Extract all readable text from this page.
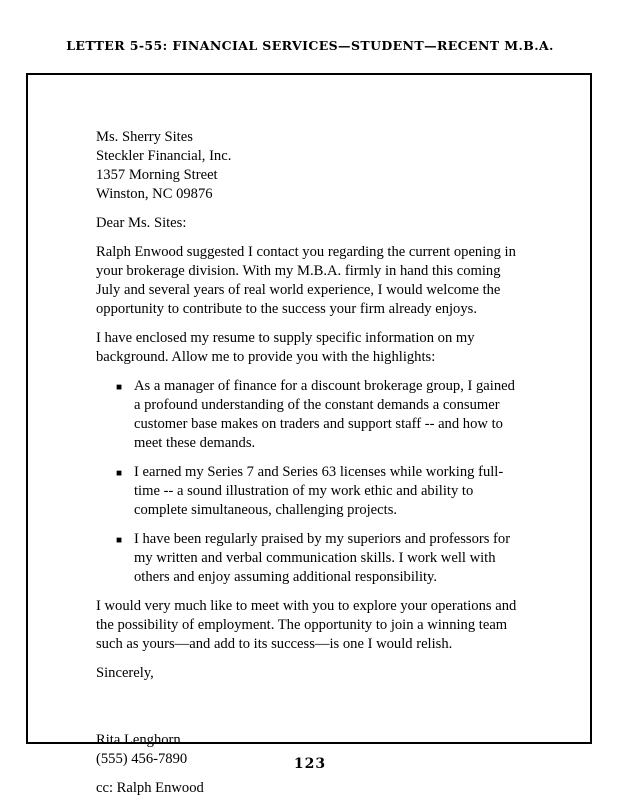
LETTER 5-55: FINANCIAL SERVICES—STUDENT—RECENT M.B.A.
Ms. Sherry Sites
Steckler Financial, Inc.
1357 Morning Street
Winston, NC 09876
Dear Ms. Sites:
Ralph Enwood suggested I contact you regarding the current opening in your brokerage division. With my M.B.A. firmly in hand this coming July and several years of real world experience, I would welcome the opportunity to contribute to the success your firm already enjoys.
I have enclosed my resume to supply specific information on my background. Allow me to provide you with the highlights:
■ As a manager of finance for a discount brokerage group, I gained a profound understanding of the constant demands a consumer customer base makes on traders and support staff -- and how to meet these demands.
■ I earned my Series 7 and Series 63 licenses while working full-time -- a sound illustration of my work ethic and ability to complete simultaneous, challenging projects.
■ I have been regularly praised by my superiors and professors for my written and verbal communication skills. I work well with others and enjoy assuming additional responsibility.
I would very much like to meet with you to explore your operations and the possibility of employment. The opportunity to join a winning team such as yours—and add to its success—is one I would relish.
Sincerely,
Rita Lenghorn
(555) 456-7890
cc: Ralph Enwood
123
